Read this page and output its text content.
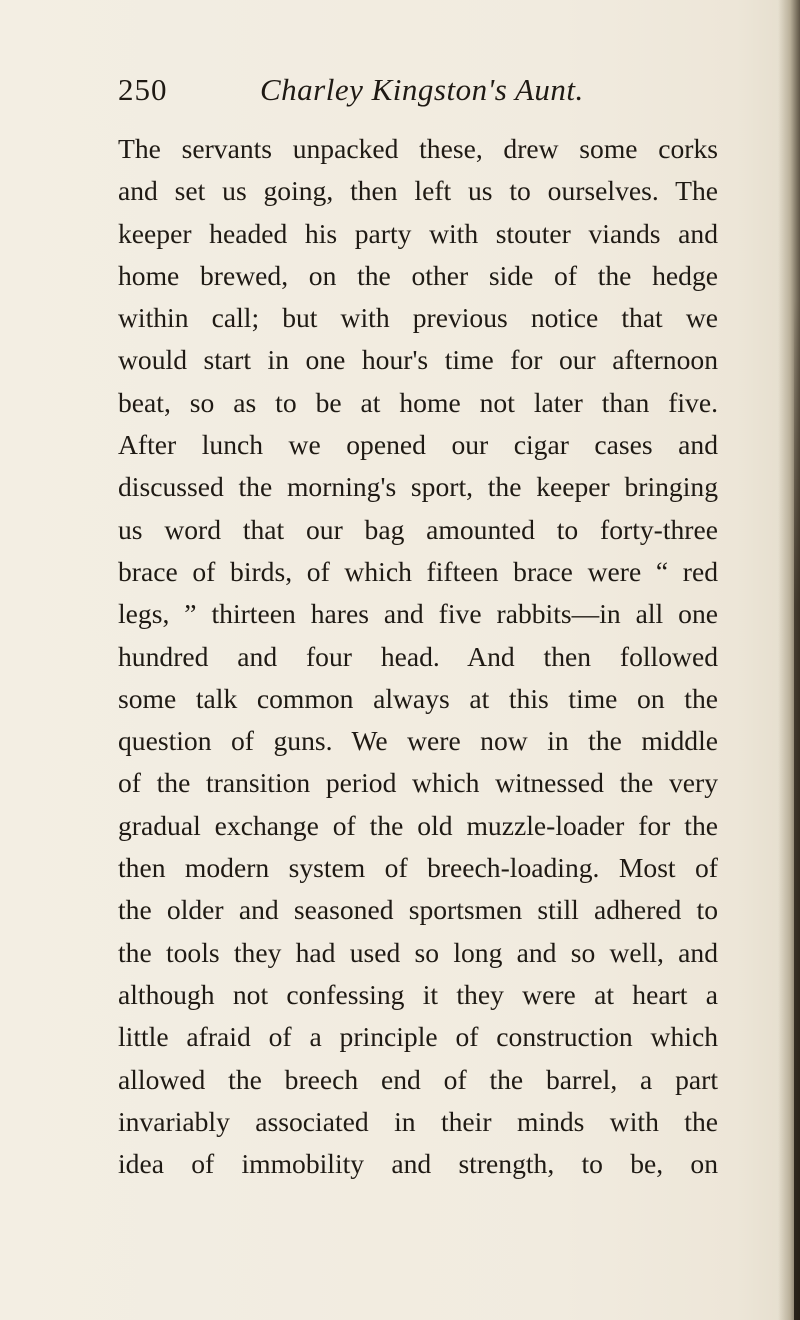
250	Charley Kingston's Aunt.
The servants unpacked these, drew some corks
and set us going, then left us to ourselves. The
keeper headed his party with stouter viands and
home brewed, on the other side of the hedge
within call; but with previous notice that we
would start in one hour's time for our afternoon
beat, so as to be at home not later than five.
After lunch we opened our cigar cases and
discussed the morning's sport, the keeper bringing
us word that our bag amounted to forty-three
brace of birds, of which fifteen brace were “ red
legs, ” thirteen hares and five rabbits—in all one
hundred and four head. And then followed
some talk common always at this time on the
question of guns. We were now in the middle
of the transition period which witnessed the very
gradual exchange of the old muzzle-loader for the
then modern system of breech-loading. Most of
the older and seasoned sportsmen still adhered to
the tools they had used so long and so well, and
although not confessing it they were at heart a
little afraid of a principle of construction which
allowed the breech end of the barrel, a part
invariably associated in their minds with the
idea of immobility and strength, to be, on
